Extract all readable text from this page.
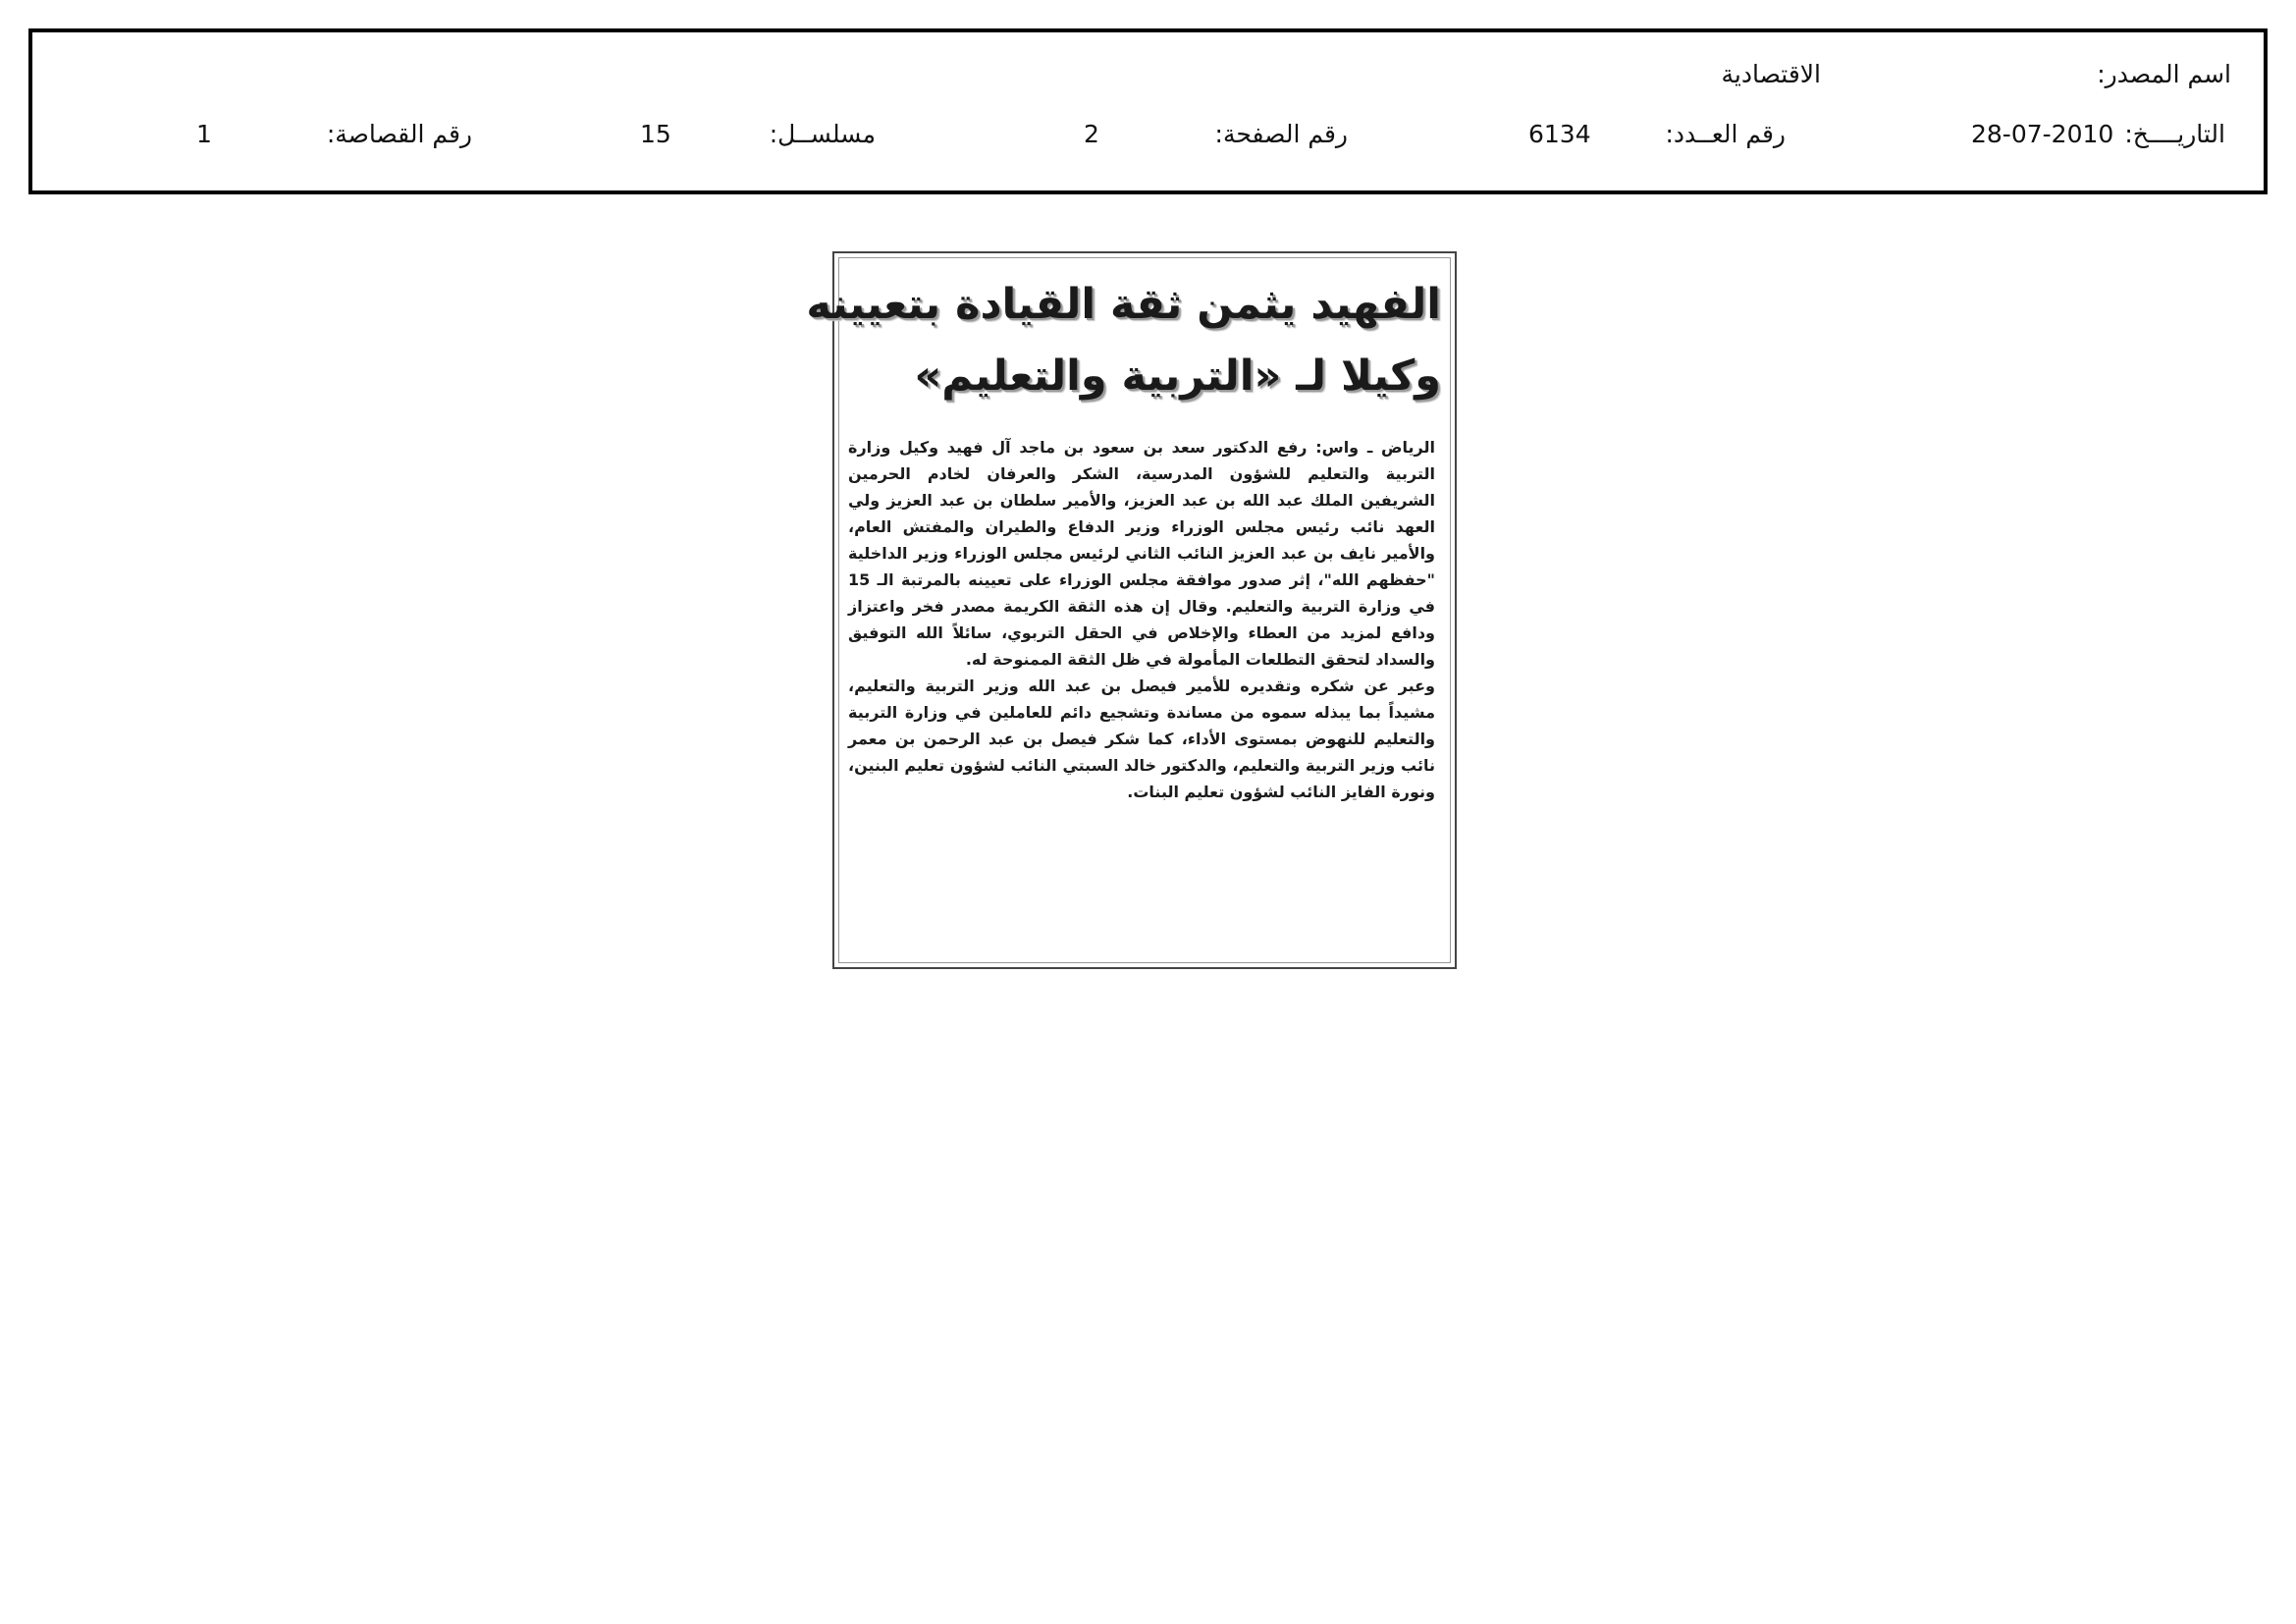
اسم المصدر:
الاقتصادية
التاريــــخ:
28-07-2010
رقم العــدد:
6134
رقم الصفحة:
2
مسلســل:
15
رقم القصاصة:
1
الفهيد يثمن ثقة القيادة بتعيينه
وكيلا لـ «التربية والتعليم»

الرياض ـ واس: رفع الدكتور سعد بن سعود بن ماجد آل فهيد وكيل وزارة التربية والتعليم للشؤون المدرسية، الشكر والعرفان لخادم الحرمين الشريفين الملك عبد الله بن عبد العزيز، والأمير سلطان بن عبد العزيز ولي العهد نائب رئيس مجلس الوزراء وزير الدفاع والطيران والمفتش العام، والأمير نايف بن عبد العزيز النائب الثاني لرئيس مجلس الوزراء وزير الداخلية "حفظهم الله"، إثر صدور موافقة مجلس الوزراء على تعيينه بالمرتبة الـ 15 في وزارة التربية والتعليم. وقال إن هذه الثقة الكريمة مصدر فخر واعتزاز ودافع لمزيد من العطاء والإخلاص في الحقل التربوي، سائلاً الله التوفيق والسداد لتحقق التطلعات المأمولة في ظل الثقة الممنوحة له.

وعبر عن شكره وتقديره للأمير فيصل بن عبد الله وزير التربية والتعليم، مشيداً بما يبذله سموه من مساندة وتشجيع دائم للعاملين في وزارة التربية والتعليم للنهوض بمستوى الأداء، كما شكر فيصل بن عبد الرحمن بن معمر نائب وزير التربية والتعليم، والدكتور خالد السبتي النائب لشؤون تعليم البنين، ونورة الفايز النائب لشؤون تعليم البنات.
